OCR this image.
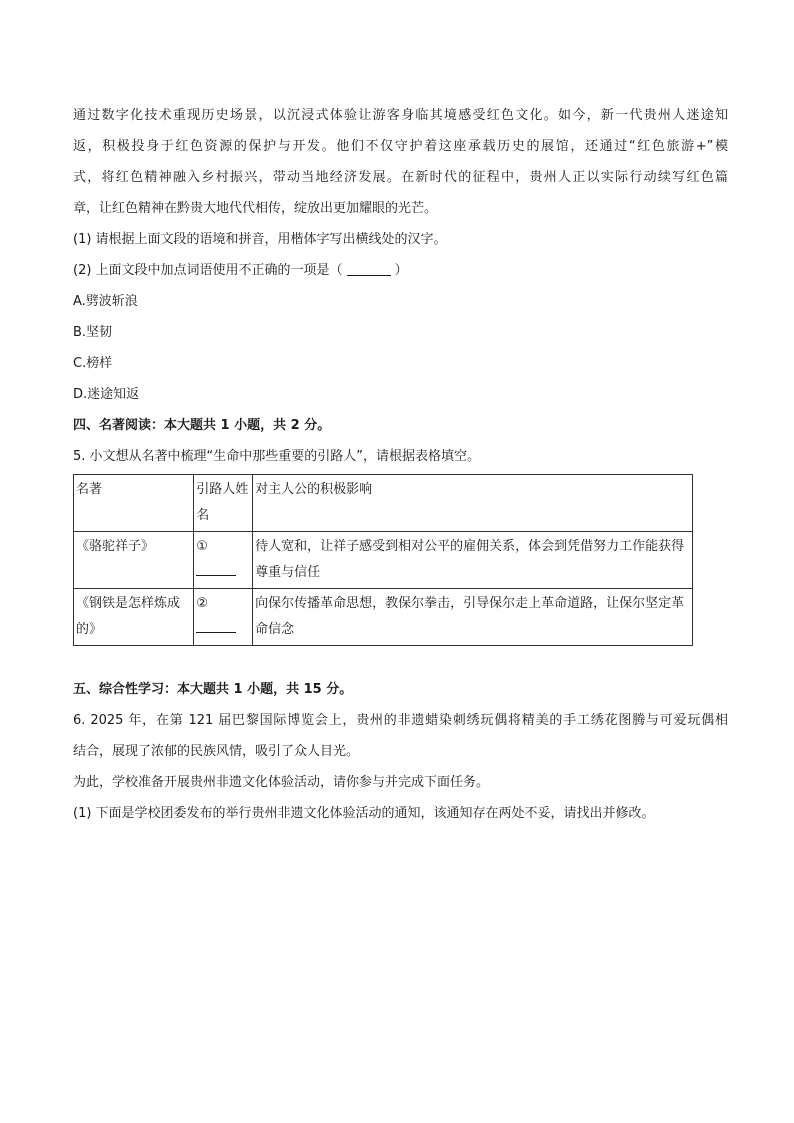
通过数字化技术重现历史场景，以沉浸式体验让游客身临其境感受红色文化。如今，新一代贵州人迷途知

返，积极投身于红色资源的保护与开发。他们不仅守护着这座承载历史的展馆，还通过“红色旅游+”模

式，将红色精神融入乡村振兴，带动当地经济发展。在新时代的征程中，贵州人正以实际行动续写红色篇

章，让红色精神在黔贵大地代代相传，绽放出更加耀眼的光芒。

(1) 请根据上面文段的语境和拼音，用楷体字写出横线处的汉字。

(2) 上面文段中加点词语使用不正确的一项是（	）

A.劈波斩浪

B.坚韧

C.榜样

D.迷途知返

四、名著阅读：本大题共 1 小题，共 2 分。

5. 小文想从名著中梳理“生命中那些重要的引路人”，请根据表格填空。

名著	引路人姓名	对主人公的积极影响
《骆驼祥子》	①	待人宽和，让祥子感受到相对公平的雇佣关系，体会到凭借努力工作能获得尊重与信任
《钢铁是怎样炼成的》	②	向保尔传播革命思想，教保尔拳击，引导保尔走上革命道路，让保尔坚定革命信念

五、综合性学习：本大题共 1 小题，共 15 分。

6. 2025 年，在第 121 届巴黎国际博览会上，贵州的非遗蜡染刺绣玩偶将精美的手工绣花图腾与可爱玩偶相

结合，展现了浓郁的民族风情，吸引了众人目光。

为此，学校准备开展贵州非遗文化体验活动，请你参与并完成下面任务。

(1) 下面是学校团委发布的举行贵州非遗文化体验活动的通知，该通知存在两处不妥，请找出并修改。
